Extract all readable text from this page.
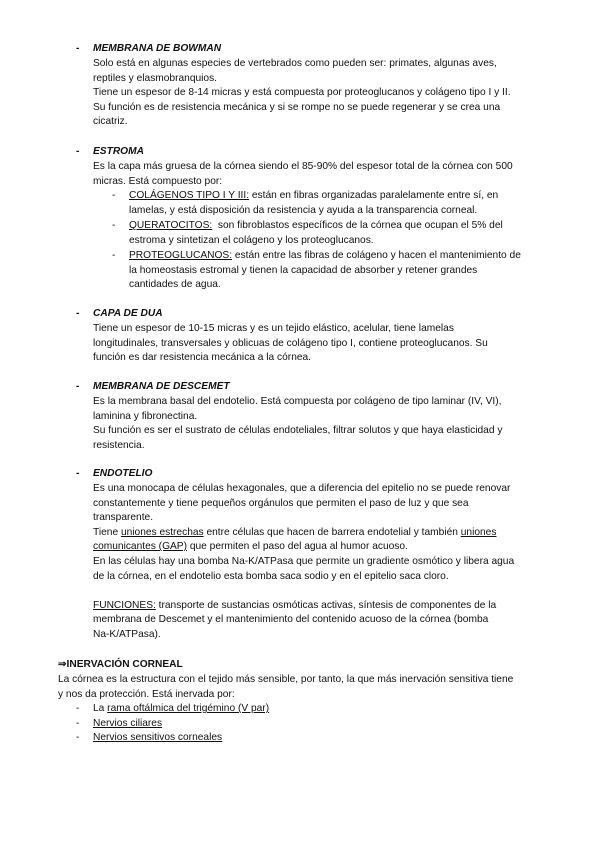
- MEMBRANA DE BOWMAN
Solo está en algunas especies de vertebrados como pueden ser: primates, algunas aves,
reptiles y elasmobranquios.
Tiene un espesor de 8-14 micras y está compuesta por proteoglucanos y colágeno tipo I y II.
Su función es de resistencia mecánica y si se rompe no se puede regenerar y se crea una
cicatriz.
- ESTROMA
Es la capa más gruesa de la córnea siendo el 85-90% del espesor total de la córnea con 500
micras. Está compuesto por:
- COLÁGENOS TIPO I Y III: están en fibras organizadas paralelamente entre sí, en
lamelas, y está disposición da resistencia y ayuda a la transparencia corneal.
- QUERATOCITOS:  son fibroblastos específicos de la córnea que ocupan el 5% del
estroma y sintetizan el colágeno y los proteoglucanos.
- PROTEOGLUCANOS: están entre las fibras de colágeno y hacen el mantenimiento de
la homeostasis estromal y tienen la capacidad de absorber y retener grandes
cantidades de agua.
- CAPA DE DUA
Tiene un espesor de 10-15 micras y es un tejido elástico, acelular, tiene lamelas
longitudinales, transversales y oblicuas de colágeno tipo I, contiene proteoglucanos. Su
función es dar resistencia mecánica a la córnea.
- MEMBRANA DE DESCEMET
Es la membrana basal del endotelio. Está compuesta por colágeno de tipo laminar (IV, VI),
laminina y fibronectina.
Su función es ser el sustrato de células endoteliales, filtrar solutos y que haya elasticidad y
resistencia.
- ENDOTELIO
Es una monocapa de células hexagonales, que a diferencia del epitelio no se puede renovar
constantemente y tiene pequeños orgánulos que permiten el paso de luz y que sea
transparente.
Tiene uniones estrechas entre células que hacen de barrera endotelial y también uniones
comunicantes (GAP) que permiten el paso del agua al humor acuoso.
En las células hay una bomba Na-K/ATPasa que permite un gradiente osmótico y libera agua
de la córnea, en el endotelio esta bomba saca sodio y en el epitelio saca cloro.
FUNCIONES: transporte de sustancias osmóticas activas, síntesis de componentes de la
membrana de Descemet y el mantenimiento del contenido acuoso de la córnea (bomba
Na-K/ATPasa).
⇒INERVACIÓN CORNEAL
La córnea es la estructura con el tejido más sensible, por tanto, la que más inervación sensitiva tiene
y nos da protección. Está inervada por:
- La rama oftálmica del trigémino (V par)
- Nervios ciliares
- Nervios sensitivos corneales
